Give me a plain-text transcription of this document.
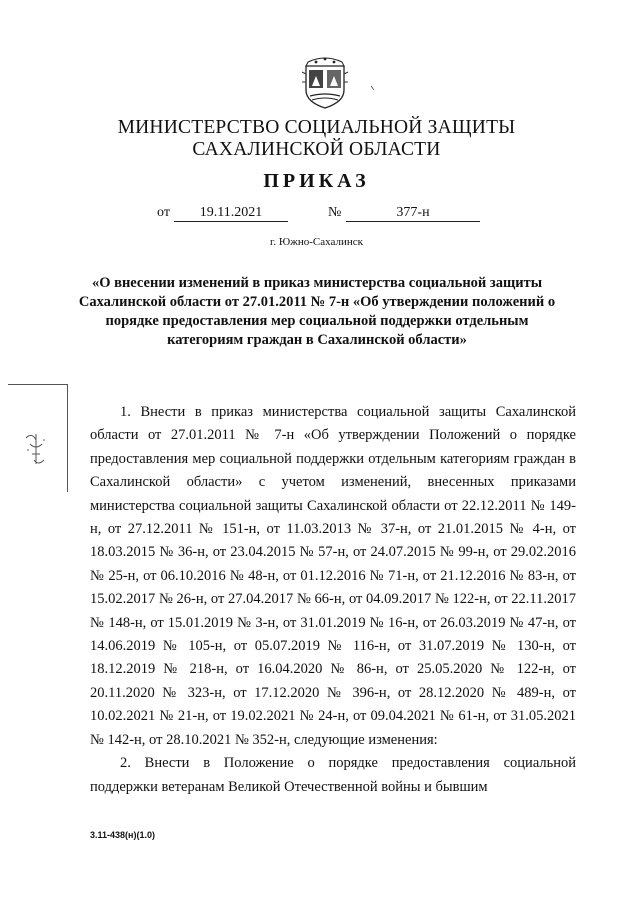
МИНИСТЕРСТВО СОЦИАЛЬНОЙ ЗАЩИТЫ
САХАЛИНСКОЙ ОБЛАСТИ
ПРИКАЗ
от	19.11.2021	№	377-н
г. Южно-Сахалинск
«О внесении изменений в приказ министерства социальной защиты Сахалинской области от 27.01.2011 № 7-н «Об утверждении положений о порядке предоставления мер социальной поддержки отдельным категориям граждан в Сахалинской области»

1. Внести в приказ министерства социальной защиты Сахалинской области от 27.01.2011 № 7-н «Об утверждении Положений о порядке предоставления мер социальной поддержки отдельным категориям граждан в Сахалинской области» с учетом изменений, внесенных приказами министерства социальной защиты Сахалинской области от 22.12.2011 № 149-н, от 27.12.2011 № 151-н, от 11.03.2013 № 37-н, от 21.01.2015 № 4-н, от 18.03.2015 № 36-н, от 23.04.2015 № 57-н, от 24.07.2015 № 99-н, от 29.02.2016 № 25-н, от 06.10.2016 № 48-н, от 01.12.2016 № 71-н, от 21.12.2016 № 83-н, от 15.02.2017 № 26-н, от 27.04.2017 № 66-н, от 04.09.2017 № 122-н, от 22.11.2017 № 148-н, от 15.01.2019 № 3-н, от 31.01.2019 № 16-н, от 26.03.2019 № 47-н, от 14.06.2019 № 105-н, от 05.07.2019 № 116-н, от 31.07.2019 № 130-н, от 18.12.2019 № 218-н, от 16.04.2020 № 86-н, от 25.05.2020 № 122-н, от 20.11.2020 № 323-н, от 17.12.2020 № 396-н, от 28.12.2020 № 489-н, от 10.02.2021 № 21-н, от 19.02.2021 № 24-н, от 09.04.2021 № 61-н, от 31.05.2021 № 142-н, от 28.10.2021 № 352-н, следующие изменения:

2. Внести в Положение о порядке предоставления социальной поддержки ветеранам Великой Отечественной войны и бывшим

3.11-438(н)(1.0)
